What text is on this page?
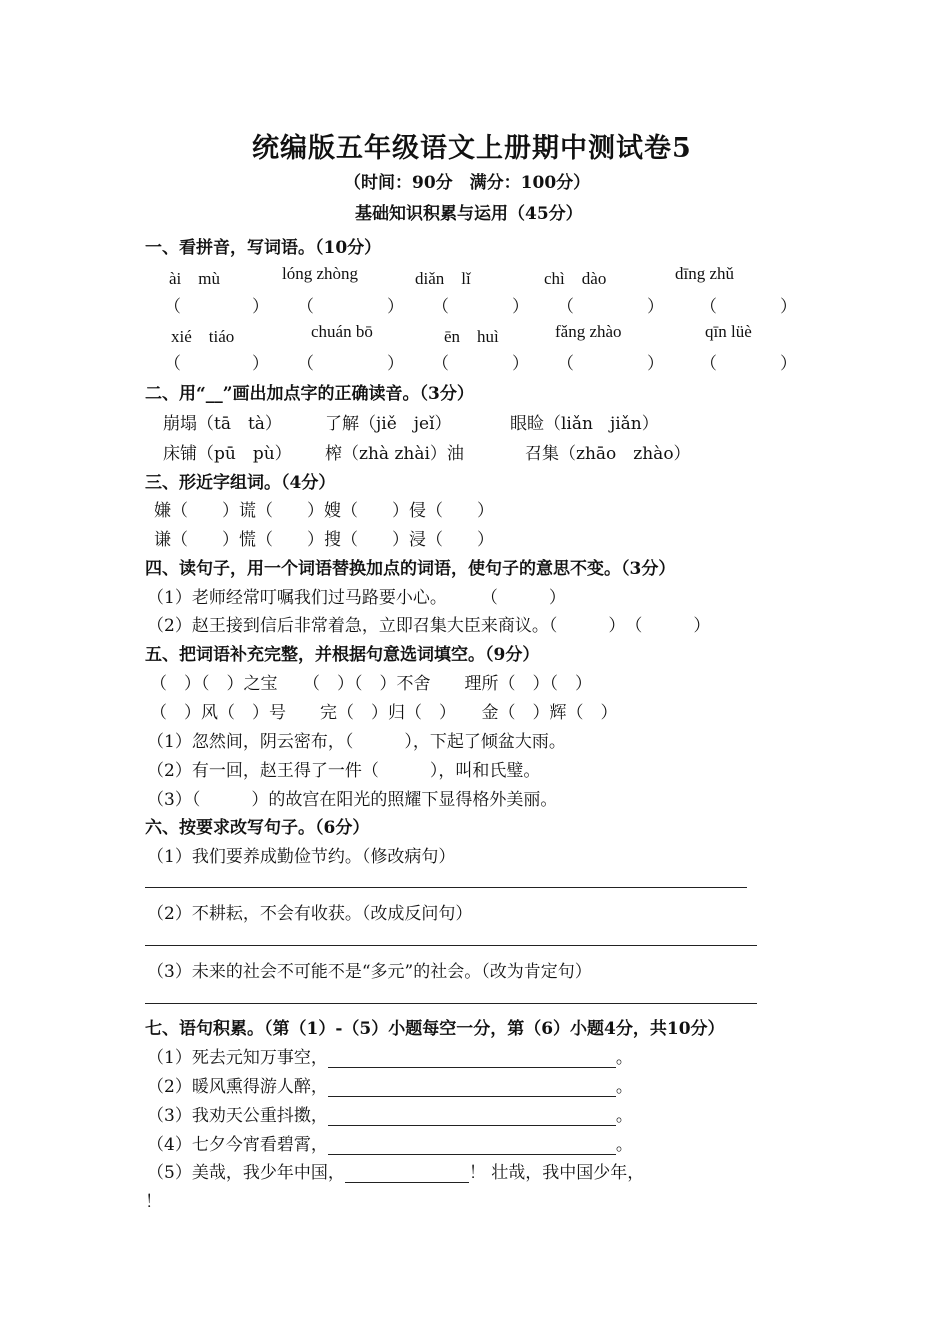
统编版五年级语文上册期中测试卷5
（时间：90分　满分：100分）
基础知识积累与运用（45分）
一、看拼音，写词语。（10分）
ài　mù	lóng zhòng	diǎn　lǐ	chì　dào	dīng zhǔ
（	） （	） （	） （	） （	）
xié　tiáo	chuán bō	ēn　huì	fǎng zhào	qīn lüè
（	） （	） （	） （	） （	）
二、用“__”画出加点字的正确读音。（3分）
崩塌（tā　tà）	了解（jiě　jeǐ）	眼睑（liǎn　jiǎn）
床铺（pū　pù） 榨（zhà zhài）油	召集（zhāo　zhào）
三、形近字组词。（4分）
嫌（　　）谎（　　）嫂（　　）侵（　　）
谦（　　）慌（　　）搜（　　）浸（　　）
四、读句子，用一个词语替换加点的词语，使句子的意思不变。（3分）
（1）老师经常叮嘱我们过马路要小心。　　　（　　　）
（2）赵王接到信后非常着急，立即召集大臣来商议。（　　　）　（　　　）
五、把词语补充完整，并根据句意选词填空。（9分）
（　）（　）之宝　　（　）（　）不舍　　理所（　）（　）
（　）风（　）号　　完（　）归（　）　　金（　）辉（　）
（1）忽然间，阴云密布，（　　　），下起了倾盆大雨。
（2）有一回，赵王得了一件（　　　），叫和氏璧。
（3）（　　　）的故宫在阳光的照耀下显得格外美丽。
六、按要求改写句子。（6分）
（1）我们要养成勤俭节约。（修改病句）
（2）不耕耘，不会有收获。（改成反问句）
（3）未来的社会不可能不是“多元”的社会。（改为肯定句）
七、语句积累。（第（1）-（5）小题每空一分，第（6）小题4分，共10分）
（1）死去元知万事空，	。
（2）暖风熏得游人醉，	。
（3）我劝天公重抖擞，	。
（4）七夕今宵看碧霄，	。
（5）美哉，我少年中国，	！ 壮哉，我中国少年，
！
